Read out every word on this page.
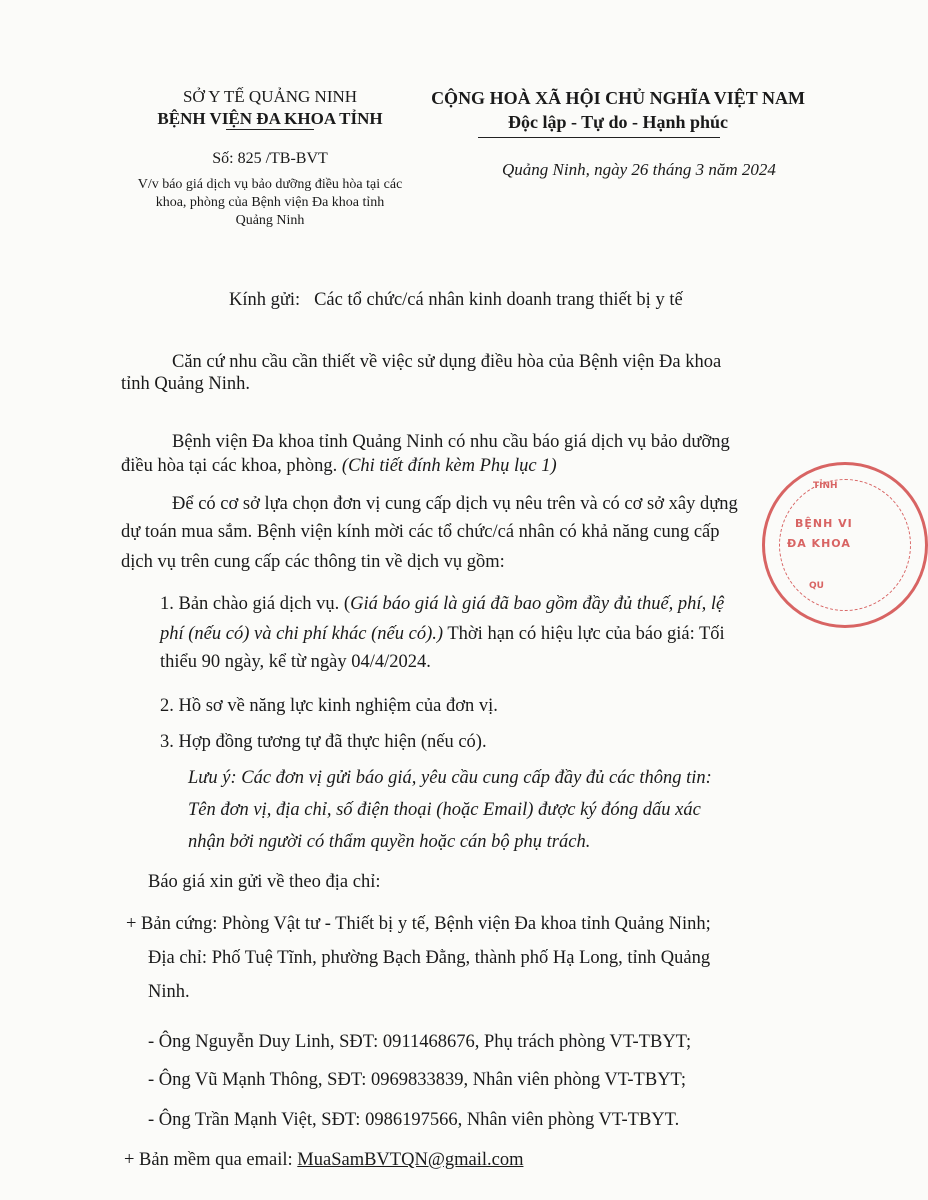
SỞ Y TẾ QUẢNG NINH
BỆNH VIỆN ĐA KHOA TỈNH
Số: 825 /TB-BVT
V/v báo giá dịch vụ bảo dưỡng điều hòa tại các
khoa, phòng của Bệnh viện Đa khoa tỉnh
Quảng Ninh
CỘNG HOÀ XÃ HỘI CHỦ NGHĨA VIỆT NAM
Độc lập - Tự do - Hạnh phúc
Quảng Ninh, ngày 26 tháng 3 năm 2024
Kính gửi: Các tổ chức/cá nhân kinh doanh trang thiết bị y tế
Căn cứ nhu cầu cần thiết về việc sử dụng điều hòa của Bệnh viện Đa khoa
tỉnh Quảng Ninh.
Bệnh viện Đa khoa tỉnh Quảng Ninh có nhu cầu báo giá dịch vụ bảo dưỡng
điều hòa tại các khoa, phòng. (Chi tiết đính kèm Phụ lục 1)
Để có cơ sở lựa chọn đơn vị cung cấp dịch vụ nêu trên và có cơ sở xây dựng
dự toán mua sắm. Bệnh viện kính mời các tổ chức/cá nhân có khả năng cung cấp
dịch vụ trên cung cấp các thông tin về dịch vụ gồm:
1. Bản chào giá dịch vụ. (Giá báo giá là giá đã bao gồm đầy đủ thuế, phí, lệ
phí (nếu có) và chi phí khác (nếu có).) Thời hạn có hiệu lực của báo giá: Tối
thiểu 90 ngày, kể từ ngày 04/4/2024.
2. Hồ sơ về năng lực kinh nghiệm của đơn vị.
3. Hợp đồng tương tự đã thực hiện (nếu có).
Lưu ý: Các đơn vị gửi báo giá, yêu cầu cung cấp đầy đủ các thông tin:
Tên đơn vị, địa chỉ, số điện thoại (hoặc Email) được ký đóng dấu xác
nhận bởi người có thẩm quyền hoặc cán bộ phụ trách.
Báo giá xin gửi về theo địa chỉ:
+ Bản cứng: Phòng Vật tư - Thiết bị y tế, Bệnh viện Đa khoa tỉnh Quảng Ninh;
Địa chỉ: Phố Tuệ Tĩnh, phường Bạch Đằng, thành phố Hạ Long, tỉnh Quảng
Ninh.
- Ông Nguyễn Duy Linh, SĐT: 0911468676, Phụ trách phòng VT-TBYT;
- Ông Vũ Mạnh Thông, SĐT: 0969833839, Nhân viên phòng VT-TBYT;
- Ông Trần Mạnh Việt, SĐT: 0986197566, Nhân viên phòng VT-TBYT.
+ Bản mềm qua email: MuaSamBVTQN@gmail.com
TỈNH
BỆNH VI
ĐA KHOA
QU
